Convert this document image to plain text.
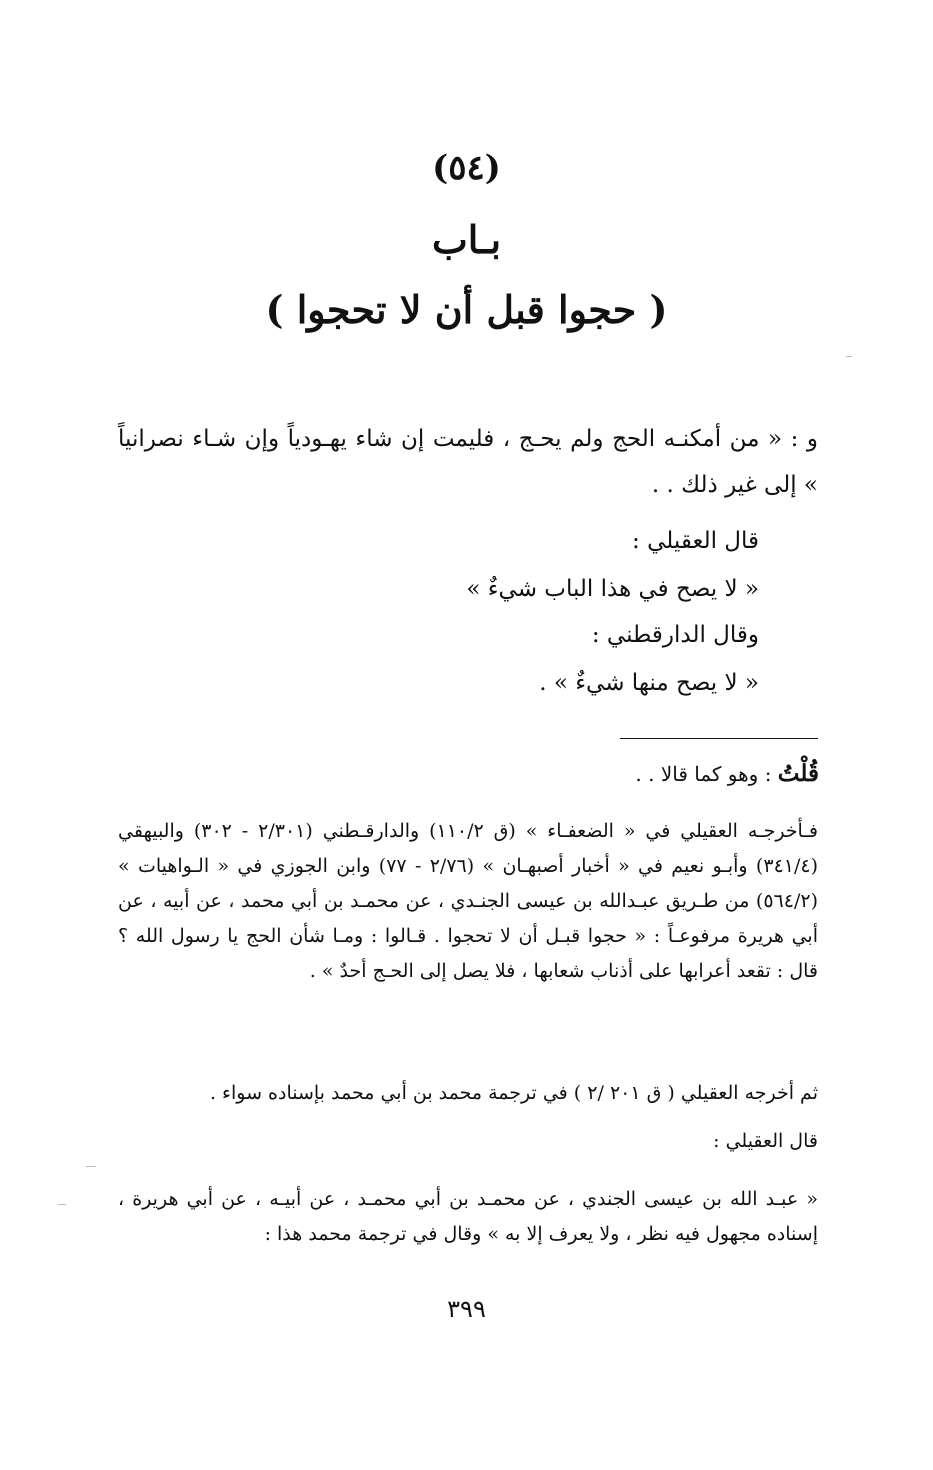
(٥٤)
بـاب
( حجوا قبل أن لا تحجوا )
و : « من أمكنـه الحج ولم يحـج ، فليمت إن شاء يهـودياً وإن شـاء نصرانياً » إلى غير ذلك . .
قال العقيلي :
« لا يصح في هذا الباب شيءٌ »
وقال الدارقطني :
« لا يصح منها شيءٌ » .
قُلْتُ : وهو كما قالا . .
فـأخرجـه العقيلي في « الضعفـاء » (ق ١١٠/٢) والدارقـطني (٢/٣٠١ - ٣٠٢) والبيهقي (٣٤١/٤) وأبـو نعيم في « أخبار أصبهـان » (٢/٧٦ - ٧٧) وابن الجوزي في « الـواهيات » (٥٦٤/٢) من طـريق عبـدالله بن عيسى الجنـدي ، عن محمـد بن أبي محمد ، عن أبيه ، عن أبي هريرة مرفوعـاً : « حجوا قبـل أن لا تحجوا . قـالوا : ومـا شأن الحج يا رسول الله ؟ قال : تقعد أعرابها على أذناب شعابها ، فلا يصل إلى الحـج أحدٌ » .
ثم أخرجه العقيلي ( ق ٢٠١ /٢ ) في ترجمة محمد بن أبي محمد بإسناده سواء .
قال العقيلي :
« عبـد الله بن عيسى الجندي ، عن محمـد بن أبي محمـد ، عن أبيـه ، عن أبي هريرة ، إسناده مجهول فيه نظر ، ولا يعرف إلا به » وقال في ترجمة محمد هذا :
٣٩٩
